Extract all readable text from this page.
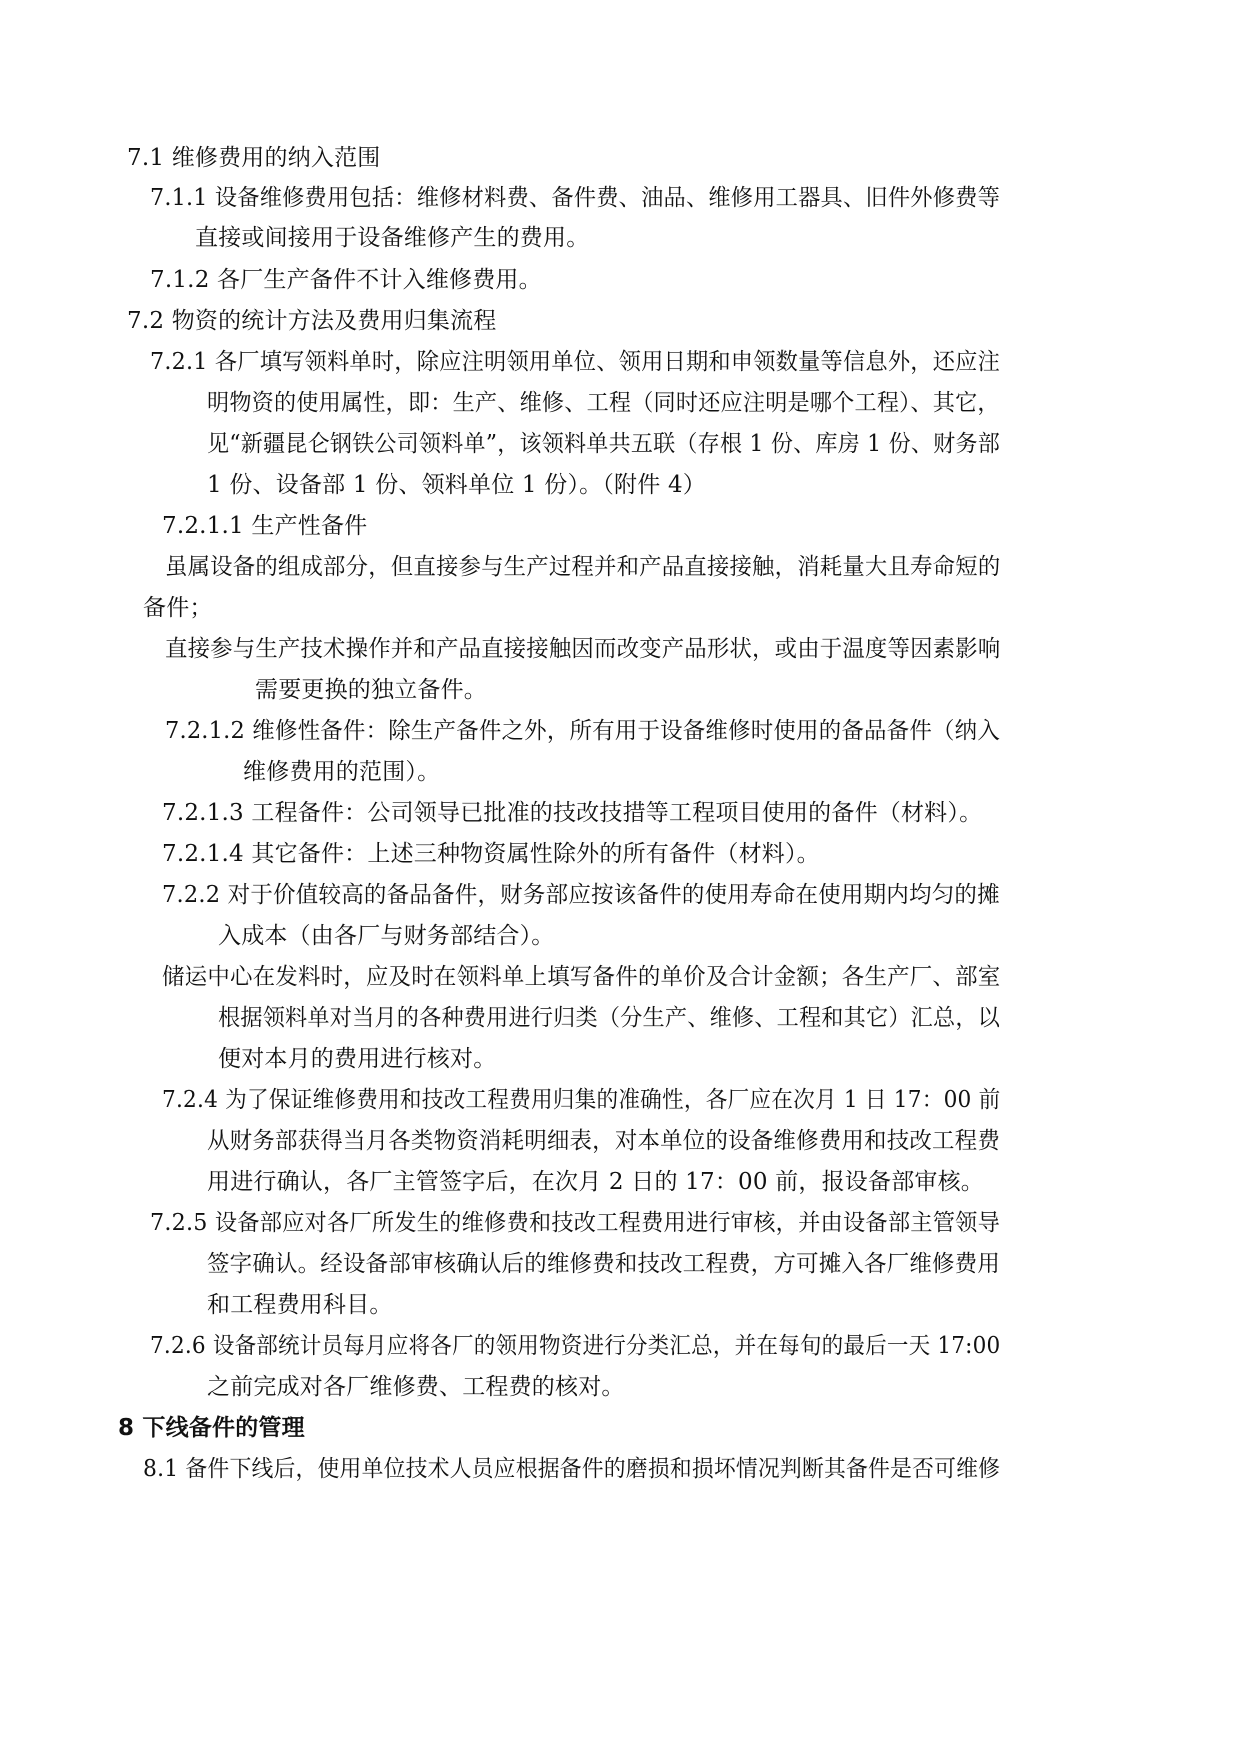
7.1 维修费用的纳入范围
7.1.1 设备维修费用包括：维修材料费、备件费、油品、维修用工器具、旧件外修费等
直接或间接用于设备维修产生的费用。
7.1.2 各厂生产备件不计入维修费用。
7.2 物资的统计方法及费用归集流程
7.2.1 各厂填写领料单时，除应注明领用单位、领用日期和申领数量等信息外，还应注
明物资的使用属性，即：生产、维修、工程（同时还应注明是哪个工程）、其它，
见“新疆昆仑钢铁公司领料单”，该领料单共五联（存根 1 份、库房 1 份、财务部
1 份、设备部 1 份、领料单位 1 份）。（附件 4）
7.2.1.1 生产性备件
虽属设备的组成部分，但直接参与生产过程并和产品直接接触，消耗量大且寿命短的
备件；
直接参与生产技术操作并和产品直接接触因而改变产品形状，或由于温度等因素影响
需要更换的独立备件。
7.2.1.2 维修性备件：除生产备件之外，所有用于设备维修时使用的备品备件（纳入
维修费用的范围）。
7.2.1.3 工程备件：公司领导已批准的技改技措等工程项目使用的备件（材料）。
7.2.1.4 其它备件：上述三种物资属性除外的所有备件（材料）。
7.2.2 对于价值较高的备品备件，财务部应按该备件的使用寿命在使用期内均匀的摊
入成本（由各厂与财务部结合）。
储运中心在发料时，应及时在领料单上填写备件的单价及合计金额；各生产厂、部室
根据领料单对当月的各种费用进行归类（分生产、维修、工程和其它）汇总，以
便对本月的费用进行核对。
7.2.4 为了保证维修费用和技改工程费用归集的准确性，各厂应在次月 1 日 17：00 前
从财务部获得当月各类物资消耗明细表，对本单位的设备维修费用和技改工程费
用进行确认，各厂主管签字后，在次月 2 日的 17：00 前，报设备部审核。
7.2.5 设备部应对各厂所发生的维修费和技改工程费用进行审核，并由设备部主管领导
签字确认。经设备部审核确认后的维修费和技改工程费，方可摊入各厂维修费用
和工程费用科目。
7.2.6 设备部统计员每月应将各厂的领用物资进行分类汇总，并在每旬的最后一天 17:00
之前完成对各厂维修费、工程费的核对。
8 下线备件的管理
8.1 备件下线后，使用单位技术人员应根据备件的磨损和损坏情况判断其备件是否可维修
